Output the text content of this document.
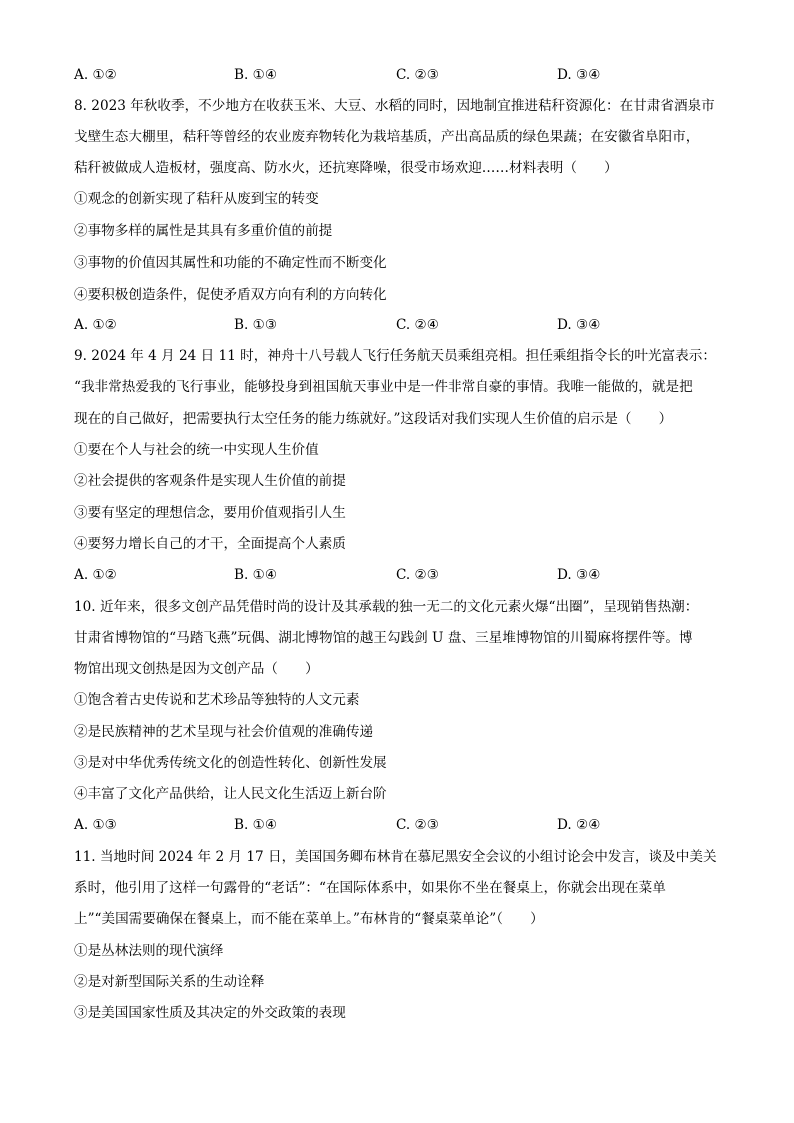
A. ①②	B. ①④	C. ②③	D. ③④
8. 2023 年秋收季，不少地方在收获玉米、大豆、水稻的同时，因地制宜推进秸秆资源化：在甘肃省酒泉市
戈壁生态大棚里，秸秆等曾经的农业废弃物转化为栽培基质，产出高品质的绿色果蔬；在安徽省阜阳市，
秸秆被做成人造板材，强度高、防水火，还抗寒降噪，很受市场欢迎……材料表明（　　）
①观念的创新实现了秸秆从废到宝的转变
②事物多样的属性是其具有多重价值的前提
③事物的价值因其属性和功能的不确定性而不断变化
④要积极创造条件，促使矛盾双方向有利的方向转化
A. ①②	B. ①③	C. ②④	D. ③④
9. 2024 年 4 月 24 日 11 时，神舟十八号载人飞行任务航天员乘组亮相。担任乘组指令长的叶光富表示：
“我非常热爱我的飞行事业，能够投身到祖国航天事业中是一件非常自豪的事情。我唯一能做的，就是把
现在的自己做好，把需要执行太空任务的能力练就好。”这段话对我们实现人生价值的启示是（　　）
①要在个人与社会的统一中实现人生价值
②社会提供的客观条件是实现人生价值的前提
③要有坚定的理想信念，要用价值观指引人生
④要努力增长自己的才干，全面提高个人素质
A. ①②	B. ①④	C. ②③	D. ③④
10. 近年来，很多文创产品凭借时尚的设计及其承载的独一无二的文化元素火爆“出圈”，呈现销售热潮：
甘肃省博物馆的“马踏飞燕”玩偶、湖北博物馆的越王勾践剑 U 盘、三星堆博物馆的川蜀麻将摆件等。博
物馆出现文创热是因为文创产品（　　）
①饱含着古史传说和艺术珍品等独特的人文元素
②是民族精神的艺术呈现与社会价值观的准确传递
③是对中华优秀传统文化的创造性转化、创新性发展
④丰富了文化产品供给，让人民文化生活迈上新台阶
A. ①③	B. ①④	C. ②③	D. ②④
11. 当地时间 2024 年 2 月 17 日，美国国务卿布林肯在慕尼黑安全会议的小组讨论会中发言，谈及中美关
系时，他引用了这样一句露骨的“老话”：“在国际体系中，如果你不坐在餐桌上，你就会出现在菜单
上”“美国需要确保在餐桌上，而不能在菜单上。”布林肯的“餐桌菜单论”（　　）
①是丛林法则的现代演绎
②是对新型国际关系的生动诠释
③是美国国家性质及其决定的外交政策的表现
